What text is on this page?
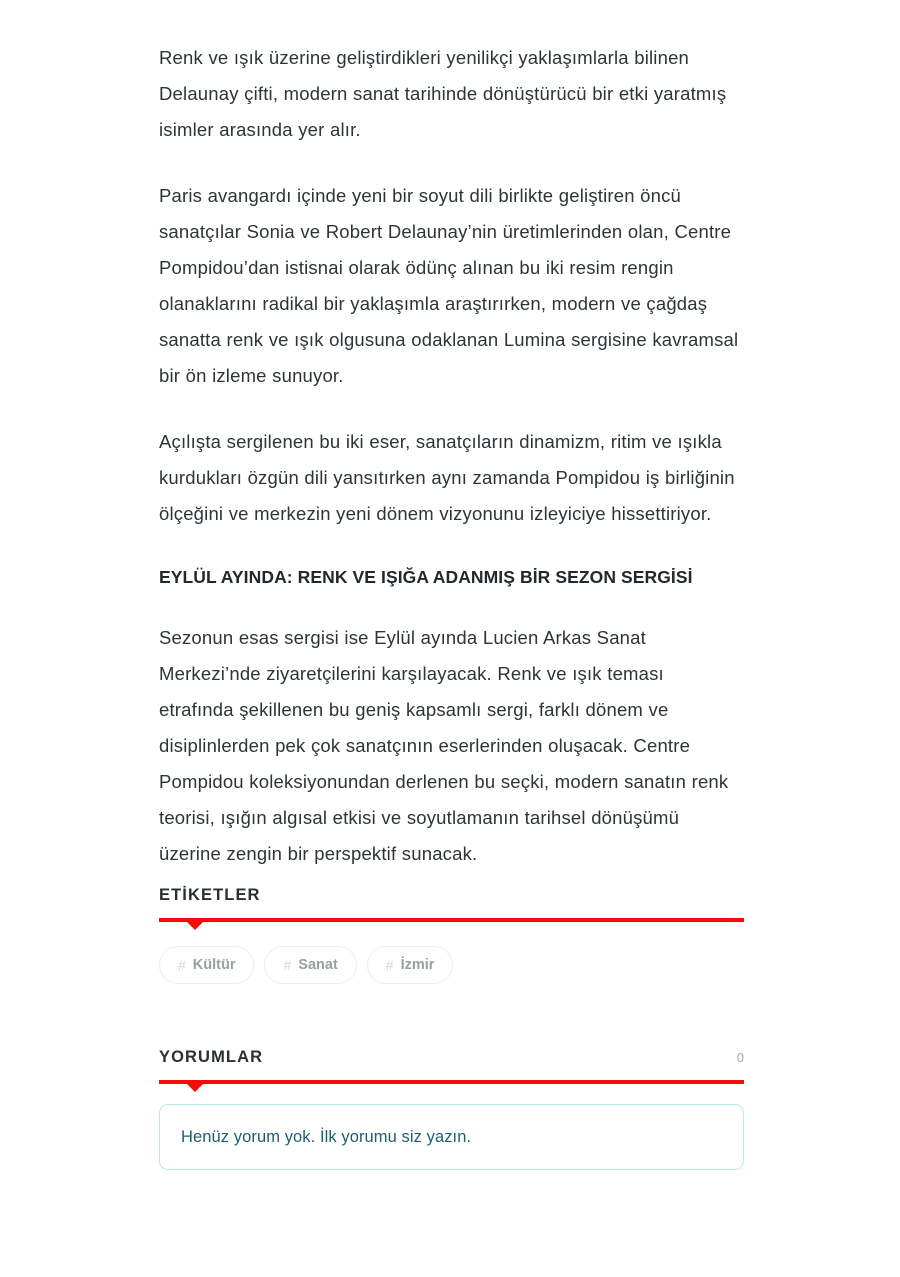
Renk ve ışık üzerine geliştirdikleri yenilikçi yaklaşımlarla bilinen Delaunay çifti, modern sanat tarihinde dönüştürücü bir etki yaratmış isimler arasında yer alır.

Paris avangardı içinde yeni bir soyut dili birlikte geliştiren öncü sanatçılar Sonia ve Robert Delaunay’nin üretimlerinden olan, Centre Pompidou’dan istisnai olarak ödünç alınan bu iki resim rengin olanaklarını radikal bir yaklaşımla araştırırken, modern ve çağdaş sanatta renk ve ışık olgusuna odaklanan Lumina sergisine kavramsal bir ön izleme sunuyor.

Açılışta sergilenen bu iki eser, sanatçıların dinamizm, ritim ve ışıkla kurdukları özgün dili yansıtırken aynı zamanda Pompidou iş birliğinin ölçeğini ve merkezin yeni dönem vizyonunu izleyiciye hissettiriyor.

EYLÜL AYINDA: RENK VE IŞIĞA ADANMIŞ BİR SEZON SERGİSİ

Sezonun esas sergisi ise Eylül ayında Lucien Arkas Sanat Merkezi’nde ziyaretçilerini karşılayacak. Renk ve ışık teması etrafında şekillenen bu geniş kapsamlı sergi, farklı dönem ve disiplinlerden pek çok sanatçının eserlerinden oluşacak. Centre Pompidou koleksiyonundan derlenen bu seçki, modern sanatın renk teorisi, ışığın algısal etkisi ve soyutlamanın tarihsel dönüşümü üzerine zengin bir perspektif sunacak.

ETİKETLER
# Kültür	# Sanat	# İzmir
YORUMLAR	0
Henüz yorum yok. İlk yorumu siz yazın.
